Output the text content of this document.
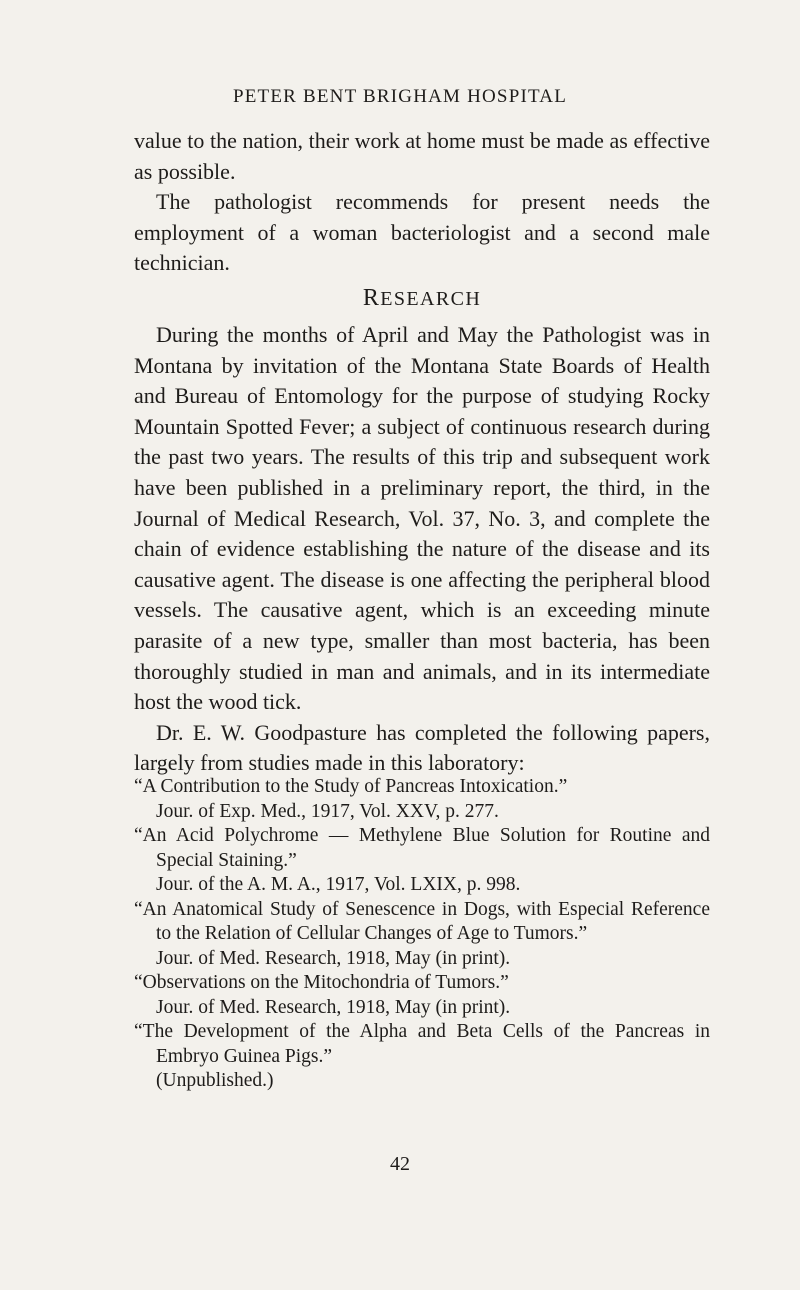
PETER BENT BRIGHAM HOSPITAL

value to the nation, their work at home must be made as effective as possible.

The pathologist recommends for present needs the employment of a woman bacteriologist and a second male technician.

RESEARCH

During the months of April and May the Pathologist was in Montana by invitation of the Montana State Boards of Health and Bureau of Entomology for the purpose of studying Rocky Mountain Spotted Fever; a subject of continuous research during the past two years. The results of this trip and subsequent work have been published in a preliminary report, the third, in the Journal of Medical Research, Vol. 37, No. 3, and complete the chain of evidence establishing the nature of the disease and its causative agent. The disease is one affecting the peripheral blood vessels. The causative agent, which is an exceeding minute parasite of a new type, smaller than most bacteria, has been thoroughly studied in man and animals, and in its intermediate host the wood tick.

Dr. E. W. Goodpasture has completed the following papers, largely from studies made in this laboratory:

“A Contribution to the Study of Pancreas Intoxication.”

Jour. of Exp. Med., 1917, Vol. XXV, p. 277.

“An Acid Polychrome — Methylene Blue Solution for Routine and Special Staining.”

Jour. of the A. M. A., 1917, Vol. LXIX, p. 998.

“An Anatomical Study of Senescence in Dogs, with Especial Reference to the Relation of Cellular Changes of Age to Tumors.”

Jour. of Med. Research, 1918, May (in print).

“Observations on the Mitochondria of Tumors.”

Jour. of Med. Research, 1918, May (in print).

“The Development of the Alpha and Beta Cells of the Pancreas in Embryo Guinea Pigs.”

(Unpublished.)

42
